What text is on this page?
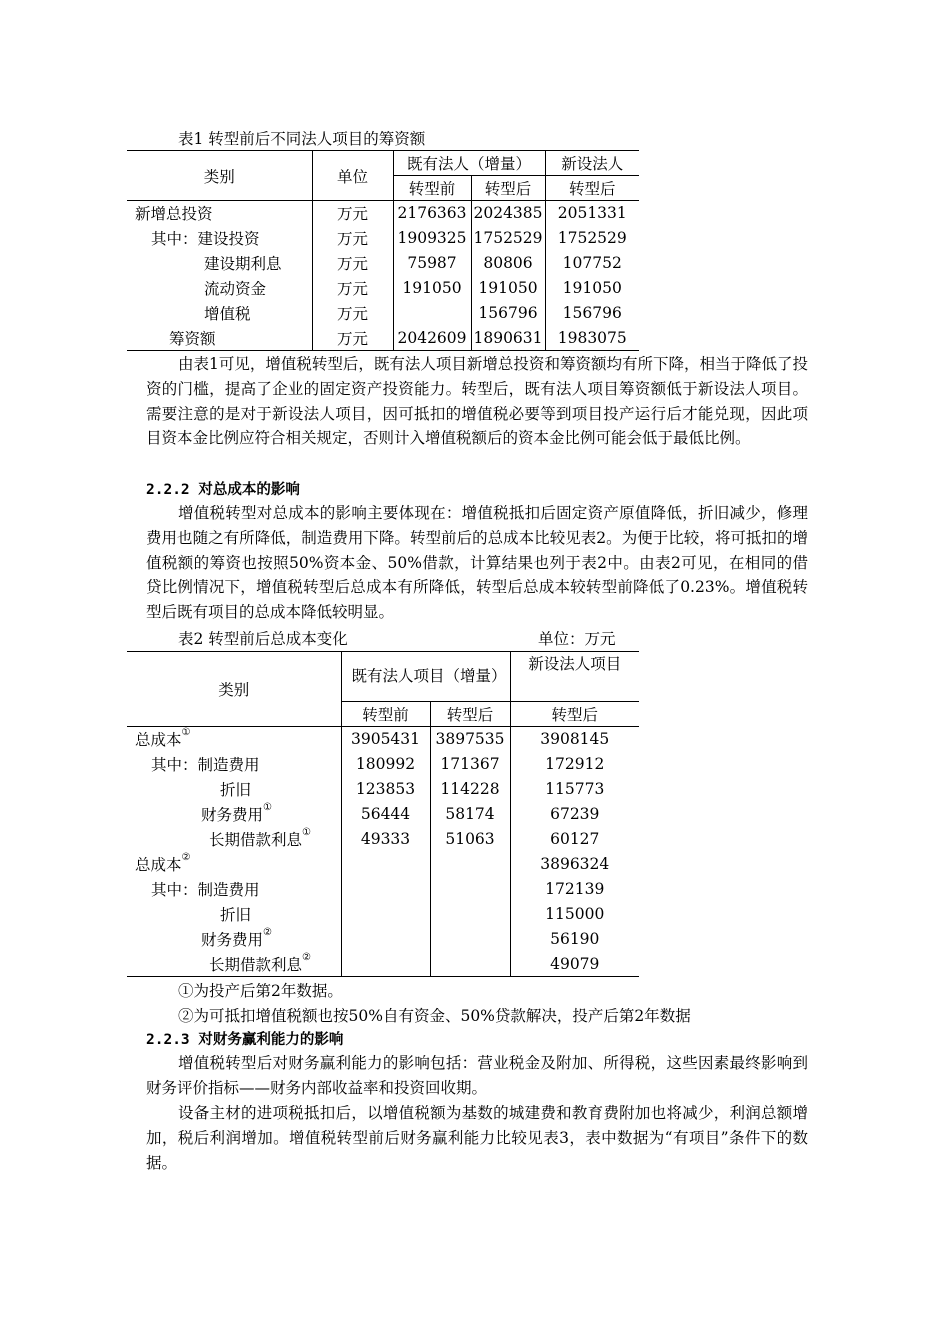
表1 转型前后不同法人项目的筹资额
类别	单位	既有法人（增量）		新设法人
		转型前	转型后	转型后
新增总投资	万元	2176363	2024385	2051331
其中：建设投资	万元	1909325	1752529	1752529
建设期利息	万元	75987	80806	107752
流动资金	万元	191050	191050	191050
增值税	万元		156796	156796
筹资额	万元	2042609	1890631	1983075

由表1可见，增值税转型后，既有法人项目新增总投资和筹资额均有所下降，相当于降低了投资的门槛，提高了企业的固定资产投资能力。转型后，既有法人项目筹资额低于新设法人项目。需要注意的是对于新设法人项目，因可抵扣的增值税必要等到项目投产运行后才能兑现，因此项目资本金比例应符合相关规定，否则计入增值税额后的资本金比例可能会低于最低比例。

2.2.2 对总成本的影响

增值税转型对总成本的影响主要体现在：增值税抵扣后固定资产原值降低，折旧减少，修理费用也随之有所降低，制造费用下降。转型前后的总成本比较见表2。为便于比较，将可抵扣的增值税额的筹资也按照50%资本金、50%借款，计算结果也列于表2中。由表2可见，在相同的借贷比例情况下，增值税转型后总成本有所降低，转型后总成本较转型前降低了0.23%。增值税转型后既有项目的总成本降低较明显。

表2 转型前后总成本变化	单位：万元
类别	既有法人项目（增量）		新设法人项目
	转型前	转型后	转型后
总成本①	3905431	3897535	3908145
其中：制造费用	180992	171367	172912
折旧	123853	114228	115773
财务费用①	56444	58174	67239
长期借款利息①	49333	51063	60127
总成本②			3896324
其中：制造费用			172139
折旧			115000
财务费用②			56190
长期借款利息②			49079
①为投产后第2年数据。
②为可抵扣增值税额也按50%自有资金、50%贷款解决，投产后第2年数据
2.2.3 对财务赢利能力的影响

增值税转型后对财务赢利能力的影响包括：营业税金及附加、所得税，这些因素最终影响到财务评价指标——财务内部收益率和投资回收期。

设备主材的进项税抵扣后，以增值税额为基数的城建费和教育费附加也将减少，利润总额增加，税后利润增加。增值税转型前后财务赢利能力比较见表3，表中数据为“有项目”条件下的数据。
